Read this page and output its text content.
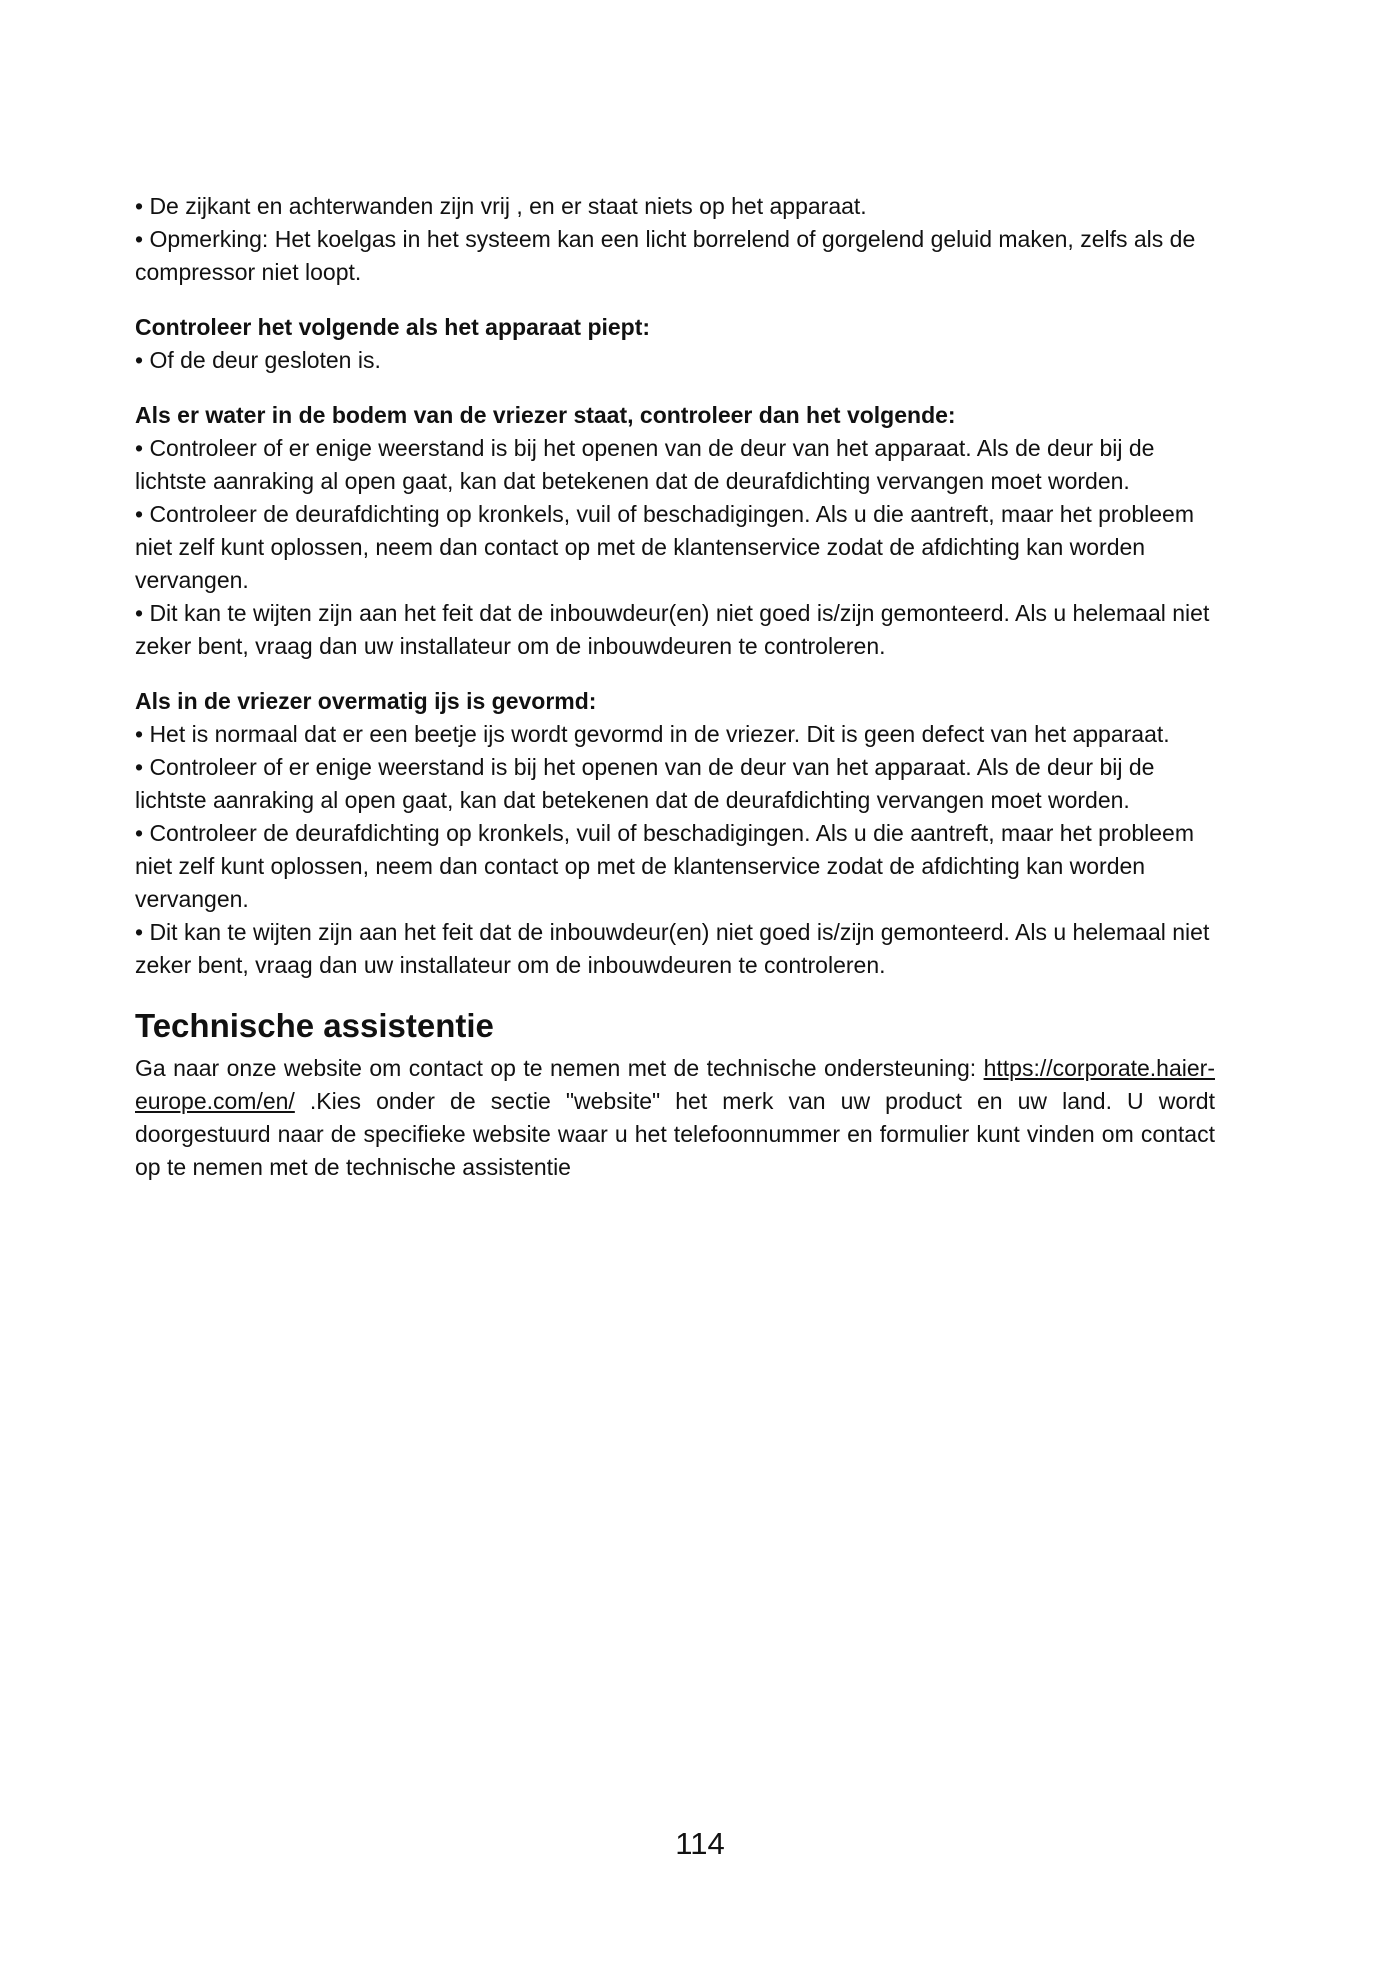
• De zijkant en achterwanden zijn vrij , en er staat niets op het apparaat.

• Opmerking: Het koelgas in het systeem kan een licht borrelend of gorgelend geluid maken, zelfs als de compressor niet loopt.

Controleer het volgende als het apparaat piept:

• Of de deur gesloten is.

Als er water in de bodem van de vriezer staat, controleer dan het volgende:

• Controleer of er enige weerstand is bij het openen van de deur van het apparaat. Als de deur bij de lichtste aanraking al open gaat, kan dat betekenen dat de deurafdichting vervangen moet worden.

• Controleer de deurafdichting op kronkels, vuil of beschadigingen. Als u die aantreft, maar het probleem niet zelf kunt oplossen, neem dan contact op met de klantenservice zodat de afdichting kan worden vervangen.

• Dit kan te wijten zijn aan het feit dat de inbouwdeur(en) niet goed is/zijn gemonteerd. Als u helemaal niet zeker bent, vraag dan uw installateur om de inbouwdeuren te controleren.

Als in de vriezer overmatig ijs is gevormd:

• Het is normaal dat er een beetje ijs wordt gevormd in de vriezer. Dit is geen defect van het apparaat.

• Controleer of er enige weerstand is bij het openen van de deur van het apparaat. Als de deur bij de lichtste aanraking al open gaat, kan dat betekenen dat de deurafdichting vervangen moet worden.

• Controleer de deurafdichting op kronkels, vuil of beschadigingen. Als u die aantreft, maar het probleem niet zelf kunt oplossen, neem dan contact op met de klantenservice zodat de afdichting kan worden vervangen.

• Dit kan te wijten zijn aan het feit dat de inbouwdeur(en) niet goed is/zijn gemonteerd. Als u helemaal niet zeker bent, vraag dan uw installateur om de inbouwdeuren te controleren.

Technische assistentie

Ga naar onze website om contact op te nemen met de technische ondersteuning: https://corporate.haier-europe.com/en/ .Kies onder de sectie "website" het merk van uw product en uw land. U wordt doorgestuurd naar de specifieke website waar u het telefoonnummer en formulier kunt vinden om contact op te nemen met de technische assistentie

114
